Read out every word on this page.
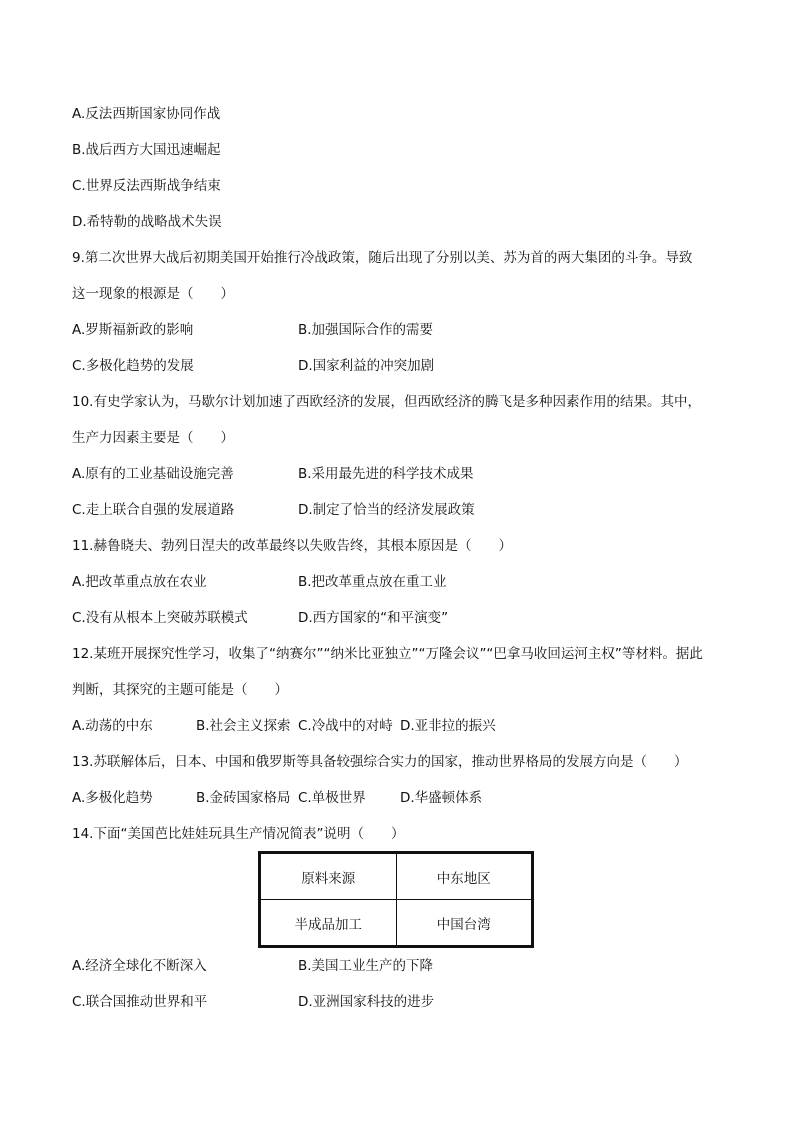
A.反法西斯国家协同作战
B.战后西方大国迅速崛起
C.世界反法西斯战争结束
D.希特勒的战略战术失误
9.第二次世界大战后初期美国开始推行冷战政策，随后出现了分别以美、苏为首的两大集团的斗争。导致
这一现象的根源是（　　）
A.罗斯福新政的影响	B.加强国际合作的需要
C.多极化趋势的发展	D.国家利益的冲突加剧
10.有史学家认为，马歇尔计划加速了西欧经济的发展，但西欧经济的腾飞是多种因素作用的结果。其中，
生产力因素主要是（　　）
A.原有的工业基础设施完善	B.采用最先进的科学技术成果
C.走上联合自强的发展道路	D.制定了恰当的经济发展政策
11.赫鲁晓夫、勃列日涅夫的改革最终以失败告终，其根本原因是（　　）
A.把改革重点放在农业	B.把改革重点放在重工业
C.没有从根本上突破苏联模式	D.西方国家的“和平演变”
12.某班开展探究性学习，收集了“纳赛尔”“纳米比亚独立”“万隆会议”“巴拿马收回运河主权”等材料。据此
判断，其探究的主题可能是（　　）
A.动荡的中东	B.社会主义探索 C.冷战中的对峙 D.亚非拉的振兴
13.苏联解体后，日本、中国和俄罗斯等具备较强综合实力的国家，推动世界格局的发展方向是（　　）
A.多极化趋势	B.金砖国家格局 C.单极世界	D.华盛顿体系
14.下面“美国芭比娃娃玩具生产情况简表”说明（　　）
原料来源	中东地区
半成品加工	中国台湾
A.经济全球化不断深入	B.美国工业生产的下降
C.联合国推动世界和平	D.亚洲国家科技的进步
